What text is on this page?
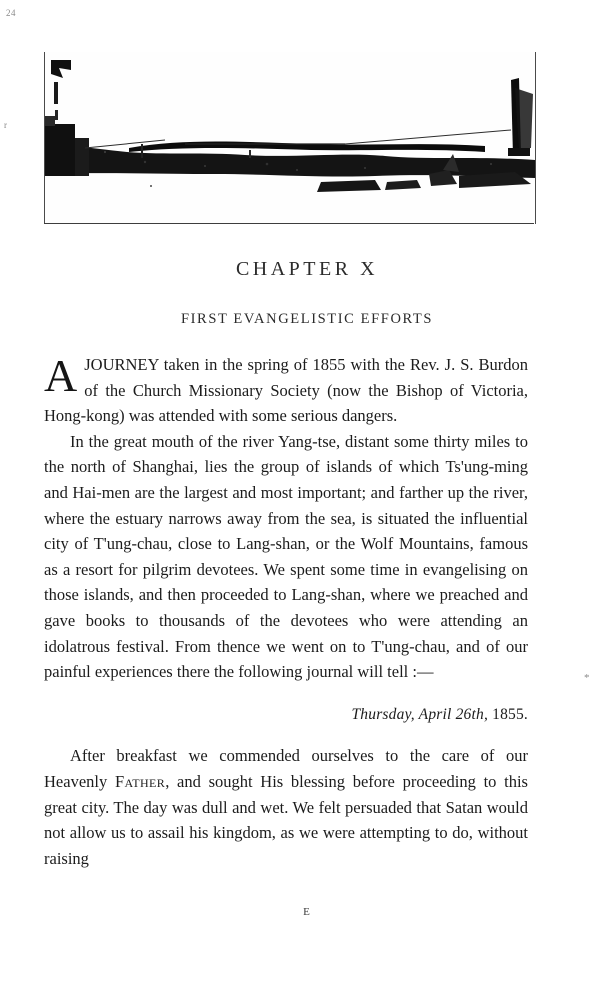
24
r
*
CHAPTER X
FIRST EVANGELISTIC EFFORTS

AJOURNEY taken in the spring of 1855 with the Rev. J. S. Burdon of the Church Missionary Society (now the Bishop of Victoria, Hong-kong) was attended with some serious dangers.

In the great mouth of the river Yang-tse, distant some thirty miles to the north of Shanghai, lies the group of islands of which Ts'ung-ming and Hai-men are the largest and most important; and farther up the river, where the estuary narrows away from the sea, is situated the influential city of T'ung-chau, close to Lang-shan, or the Wolf Mountains, famous as a resort for pilgrim devotees. We spent some time in evangelising on those islands, and then proceeded to Lang-shan, where we preached and gave books to thousands of the devotees who were attending an idolatrous festival. From thence we went on to T'ung-chau, and of our painful experiences there the following journal will tell :—

Thursday, April 26th, 1855.

After breakfast we commended ourselves to the care of our Heavenly Father, and sought His blessing before proceeding to this great city. The day was dull and wet. We felt persuaded that Satan would not allow us to assail his kingdom, as we were attempting to do, without raising

E
